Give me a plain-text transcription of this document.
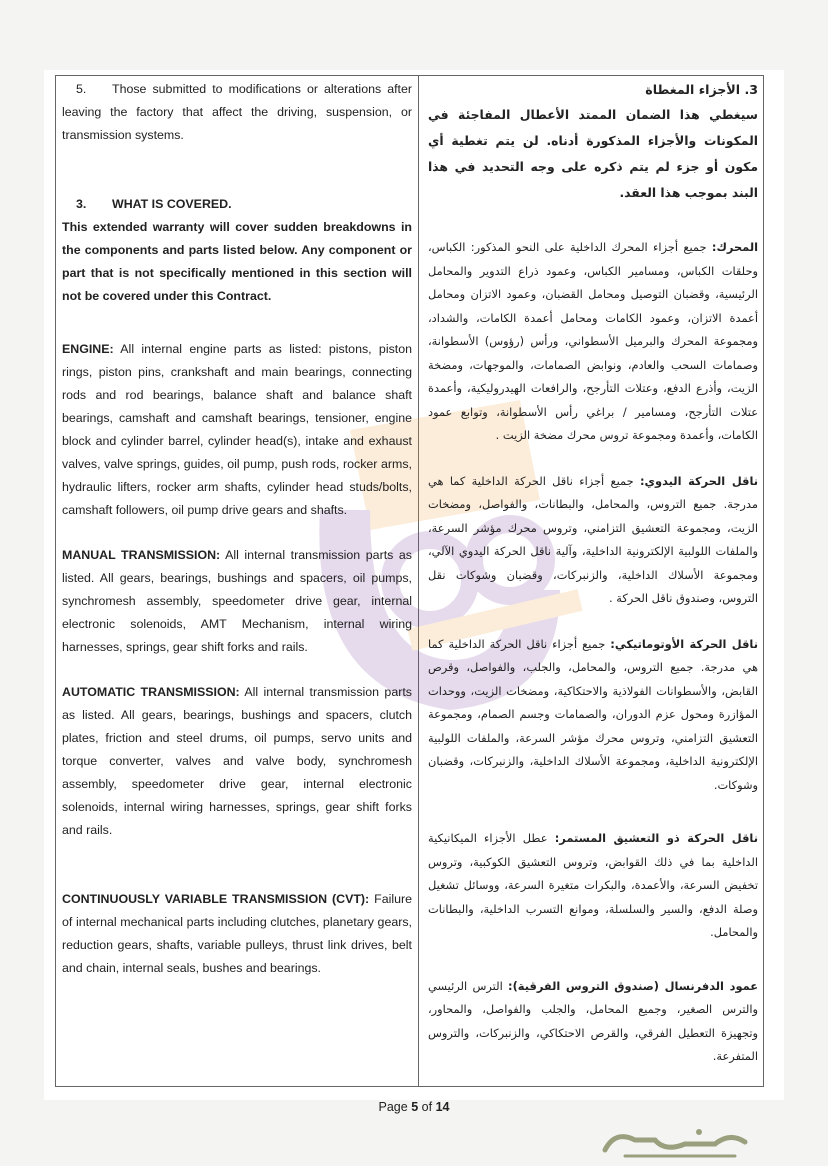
5. Those submitted to modifications or alterations after leaving the factory that affect the driving, suspension, or transmission systems.

3. WHAT IS COVERED.

This extended warranty will cover sudden breakdowns in the components and parts listed below. Any component or part that is not specifically mentioned in this section will not be covered under this Contract.

ENGINE: All internal engine parts as listed: pistons, piston rings, piston pins, crankshaft and main bearings, connecting rods and rod bearings, balance shaft and balance shaft bearings, camshaft and camshaft bearings, tensioner, engine block and cylinder barrel, cylinder head(s), intake and exhaust valves, valve springs, guides, oil pump, push rods, rocker arms, hydraulic lifters, rocker arm shafts, cylinder head studs/bolts, camshaft followers, oil pump drive gears and shafts.

MANUAL TRANSMISSION: All internal transmission parts as listed. All gears, bearings, bushings and spacers, oil pumps, synchromesh assembly, speedometer drive gear, internal electronic solenoids, AMT Mechanism, internal wiring harnesses, springs, gear shift forks and rails.

AUTOMATIC TRANSMISSION: All internal transmission parts as listed. All gears, bearings, bushings and spacers, clutch plates, friction and steel drums, oil pumps, servo units and torque converter, valves and valve body, synchromesh assembly, speedometer drive gear, internal electronic solenoids, internal wiring harnesses, springs, gear shift forks and rails.

CONTINUOUSLY VARIABLE TRANSMISSION (CVT): Failure of internal mechanical parts including clutches, planetary gears, reduction gears, shafts, variable pulleys, thrust link drives, belt and chain, internal seals, bushes and bearings.

3. الأجزاء المغطاة

سيغطي هذا الضمان الممتد الأعطال المفاجئة في المكونات والأجزاء المذكورة أدناه. لن يتم تغطية أي مكون أو جزء لم يتم ذكره على وجه التحديد في هذا البند بموجب هذا العقد.

المحرك: جميع أجزاء المحرك الداخلية على النحو المذكور: الكباس، وحلقات الكباس، ومسامير الكباس، وعمود ذراع التدوير والمحامل الرئيسية، وقضبان التوصيل ومحامل القضبان، وعمود الاتزان ومحامل أعمدة الاتزان، وعمود الكامات ومحامل أعمدة الكامات، والشداد، ومجموعة المحرك والبرميل الأسطواني، ورأس (رؤوس) الأسطوانة، وصمامات السحب والعادم، ونوابض الصمامات، والموجهات، ومضخة الزيت، وأذرع الدفع، وعتلات التأرجح، والرافعات الهيدروليكية، وأعمدة عتلات التأرجح، ومسامير / براغي رأس الأسطوانة، وتوابع عمود الكامات، وأعمدة ومجموعة تروس محرك مضخة الزيت .

ناقل الحركة اليدوي: جميع أجزاء ناقل الحركة الداخلية كما هي مدرجة. جميع التروس، والمحامل، والبطانات، والفواصل، ومضخات الزيت، ومجموعة التعشيق التزامني، وتروس محرك مؤشر السرعة، والملفات اللولبية الإلكترونية الداخلية، وآلية ناقل الحركة اليدوي الآلي، ومجموعة الأسلاك الداخلية، والزنبركات، وقضبان وشوكات نقل التروس، وصندوق ناقل الحركة .

ناقل الحركة الأوتوماتيكي: جميع أجزاء ناقل الحركة الداخلية كما هي مدرجة. جميع التروس، والمحامل، والجلب، والفواصل، وقرص القابض، والأسطوانات الفولاذية والاحتكاكية، ومضخات الزيت، ووحدات المؤازرة ومحول عزم الدوران، والصمامات وجسم الصمام، ومجموعة التعشيق التزامني، وتروس محرك مؤشر السرعة، والملفات اللولبية الإلكترونية الداخلية، ومجموعة الأسلاك الداخلية، والزنبركات، وقضبان وشوكات.

ناقل الحركة ذو التعشيق المستمر: عطل الأجزاء الميكانيكية الداخلية بما في ذلك القوابض، وتروس التعشيق الكوكبية، وتروس تخفيض السرعة، والأعمدة، والبكرات متغيرة السرعة، ووسائل تشغيل وصلة الدفع، والسير والسلسلة، وموانع التسرب الداخلية، والبطانات والمحامل.

عمود الدفرنسال (صندوق التروس الفرقية): الترس الرئيسي والترس الصغير، وجميع المحامل، والجلب والفواصل، والمحاور، وتجهيزة التعطيل الفرقي، والقرص الاحتكاكي، والزنبركات، والتروس المتفرعة.

Page 5 of 14
